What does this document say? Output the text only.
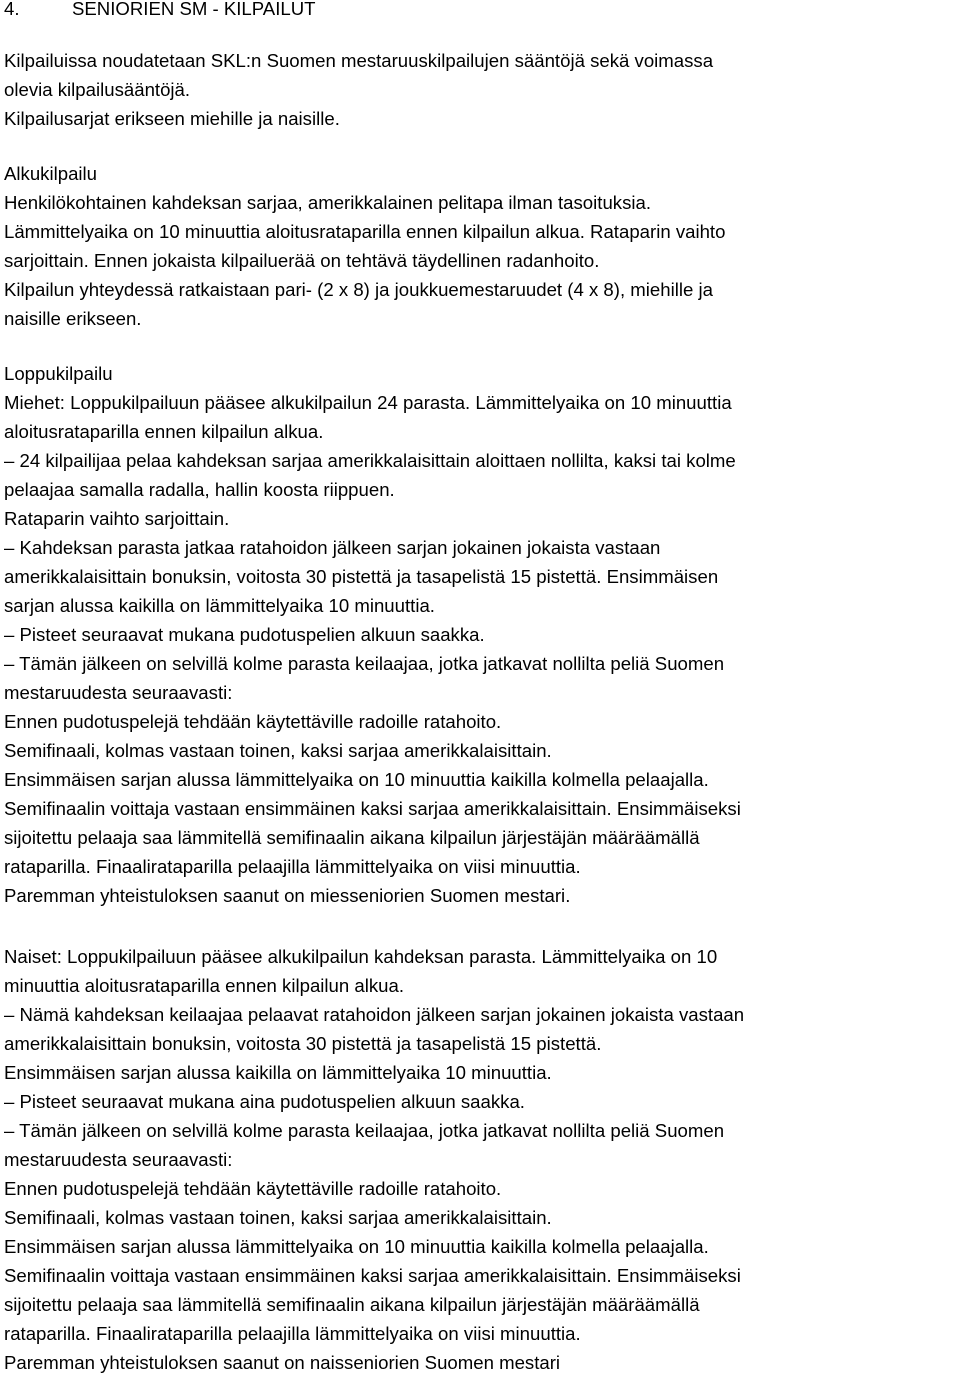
4.	SENIORIEN SM - KILPAILUT
Kilpailuissa noudatetaan SKL:n Suomen mestaruuskilpailujen sääntöjä sekä voimassa
olevia kilpailusääntöjä.
Kilpailusarjat erikseen miehille ja naisille.
Alkukilpailu
Henkilökohtainen kahdeksan sarjaa, amerikkalainen pelitapa ilman tasoituksia.
Lämmittelyaika on 10 minuuttia aloitusrataparilla ennen kilpailun alkua. Rataparin vaihto
sarjoittain. Ennen jokaista kilpailuerää on tehtävä täydellinen radanhoito.
Kilpailun yhteydessä ratkaistaan pari- (2 x 8) ja joukkuemestaruudet (4 x 8), miehille ja
naisille erikseen.
Loppukilpailu
Miehet: Loppukilpailuun pääsee alkukilpailun 24 parasta. Lämmittelyaika on 10 minuuttia
aloitusrataparilla ennen kilpailun alkua.
– 24 kilpailijaa pelaa kahdeksan sarjaa amerikkalaisittain aloittaen nollilta, kaksi tai kolme
pelaajaa samalla radalla, hallin koosta riippuen.
Rataparin vaihto sarjoittain.
– Kahdeksan parasta jatkaa ratahoidon jälkeen sarjan jokainen jokaista vastaan
amerikkalaisittain bonuksin, voitosta 30 pistettä ja tasapelistä 15 pistettä. Ensimmäisen
sarjan alussa kaikilla on lämmittelyaika 10 minuuttia.
– Pisteet seuraavat mukana pudotuspelien alkuun saakka.
– Tämän jälkeen on selvillä kolme parasta keilaajaa, jotka jatkavat nollilta peliä Suomen
mestaruudesta seuraavasti:
Ennen pudotuspelejä tehdään käytettäville radoille ratahoito.
Semifinaali, kolmas vastaan toinen, kaksi sarjaa amerikkalaisittain.
Ensimmäisen sarjan alussa lämmittelyaika on 10 minuuttia kaikilla kolmella pelaajalla.
Semifinaalin voittaja vastaan ensimmäinen kaksi sarjaa amerikkalaisittain. Ensimmäiseksi
sijoitettu pelaaja saa lämmitellä semifinaalin aikana kilpailun järjestäjän määräämällä
rataparilla. Finaalirataparilla pelaajilla lämmittelyaika on viisi minuuttia.
Paremman yhteistuloksen saanut on miesseniorien Suomen mestari.
Naiset: Loppukilpailuun pääsee alkukilpailun kahdeksan parasta. Lämmittelyaika on 10
minuuttia aloitusrataparilla ennen kilpailun alkua.
– Nämä kahdeksan keilaajaa pelaavat ratahoidon jälkeen sarjan jokainen jokaista vastaan
amerikkalaisittain bonuksin, voitosta 30 pistettä ja tasapelistä 15 pistettä.
Ensimmäisen sarjan alussa kaikilla on lämmittelyaika 10 minuuttia.
– Pisteet seuraavat mukana aina pudotuspelien alkuun saakka.
– Tämän jälkeen on selvillä kolme parasta keilaajaa, jotka jatkavat nollilta peliä Suomen
mestaruudesta seuraavasti:
Ennen pudotuspelejä tehdään käytettäville radoille ratahoito.
Semifinaali, kolmas vastaan toinen, kaksi sarjaa amerikkalaisittain.
Ensimmäisen sarjan alussa lämmittelyaika on 10 minuuttia kaikilla kolmella pelaajalla.
Semifinaalin voittaja vastaan ensimmäinen kaksi sarjaa amerikkalaisittain. Ensimmäiseksi
sijoitettu pelaaja saa lämmitellä semifinaalin aikana kilpailun järjestäjän määräämällä
rataparilla. Finaalirataparilla pelaajilla lämmittelyaika on viisi minuuttia.
Paremman yhteistuloksen saanut on naisseniorien Suomen mestari
